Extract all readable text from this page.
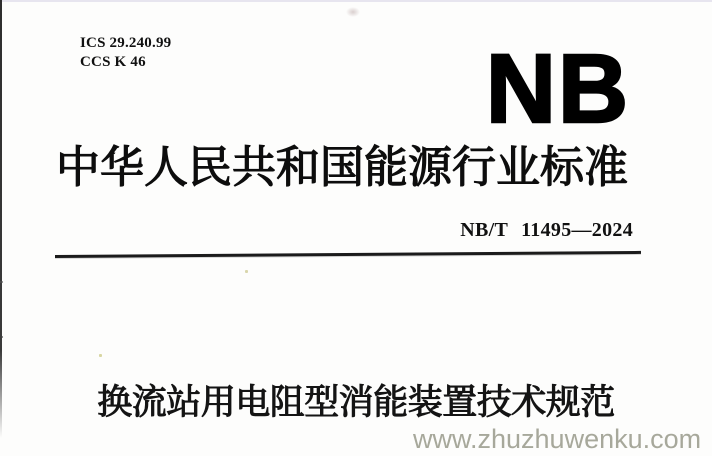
ICS 29.240.99
CCS K 46	NB
中华人民共和国能源行业标准
NB/T 11495—2024
换流站用电阻型消能装置技术规范
www.zhuzhuwenku.com
